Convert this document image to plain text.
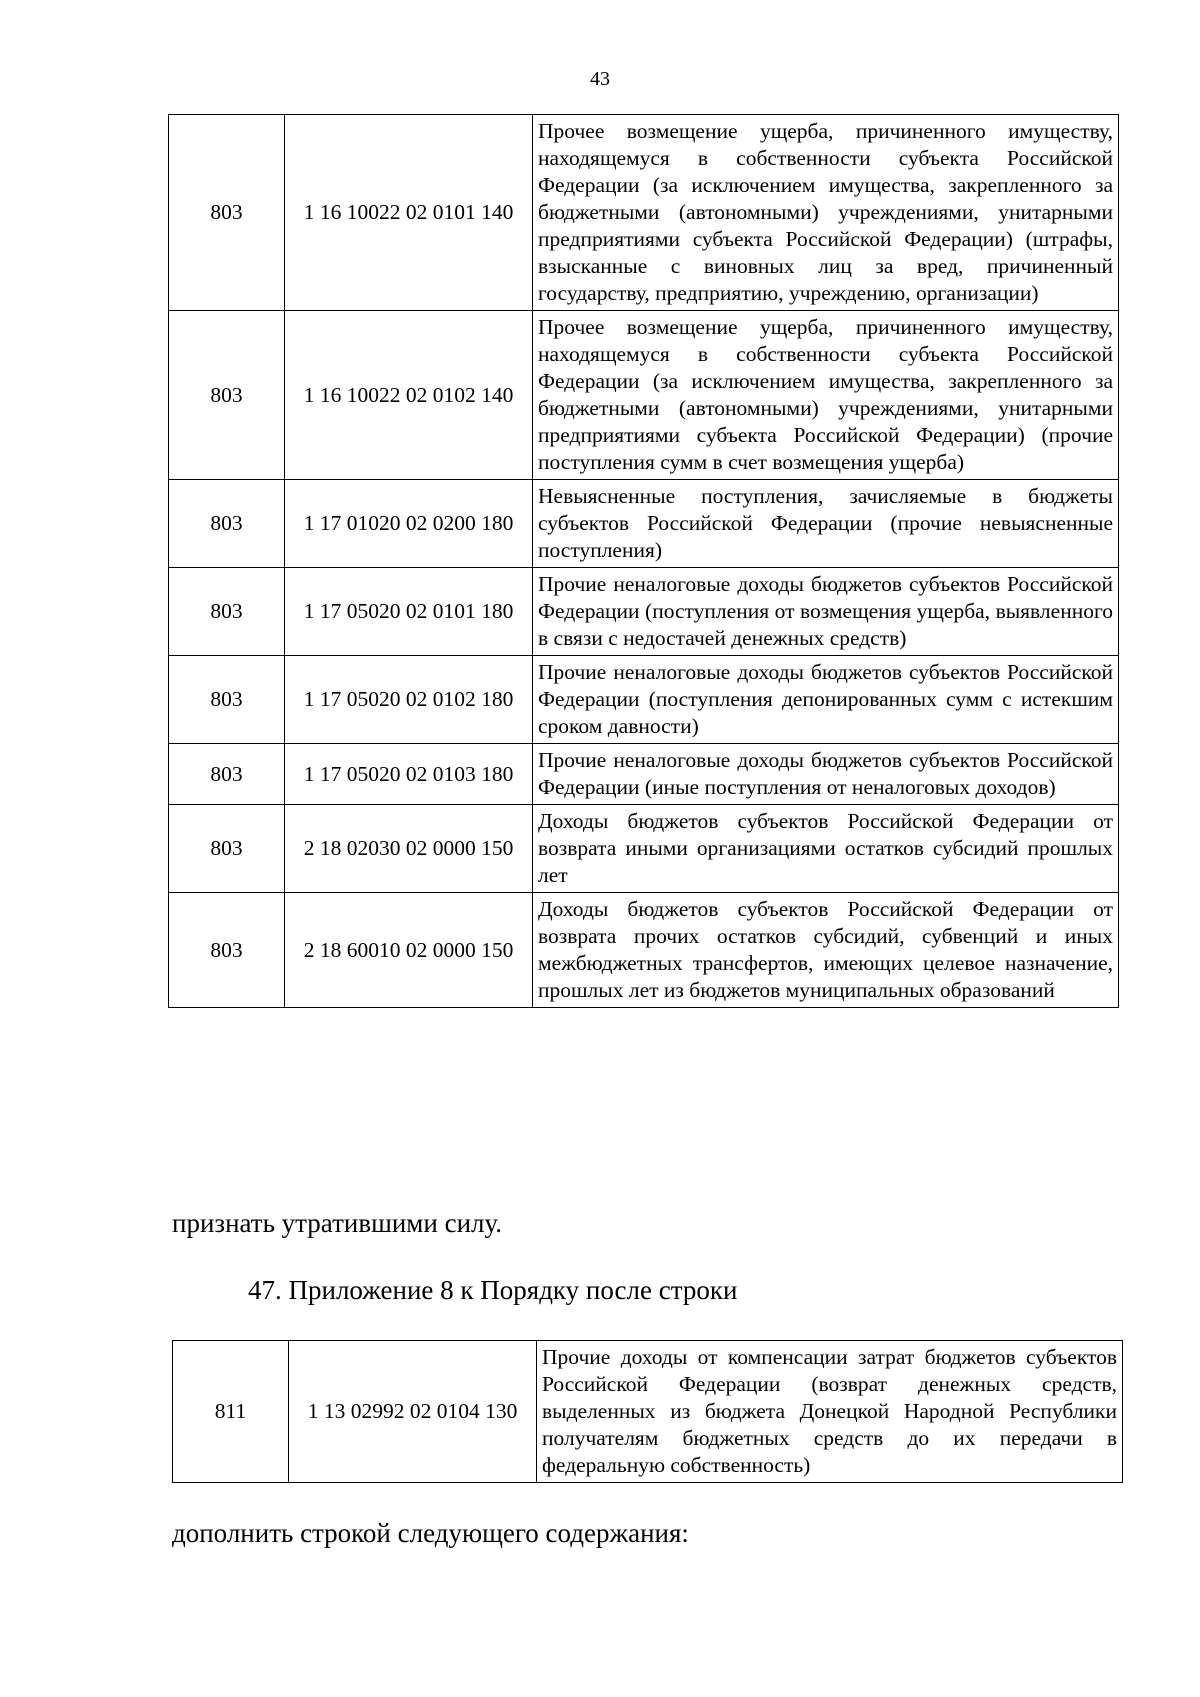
43
803	1 16 10022 02 0101 140	Прочее возмещение ущерба, причиненного имуществу, находящемуся в собственности субъекта Российской Федерации (за исключением имущества, закрепленного за бюджетными (автономными) учреждениями, унитарными предприятиями субъекта Российской Федерации) (штрафы, взысканные с виновных лиц за вред, причиненный государству, предприятию, учреждению, организации)
803	1 16 10022 02 0102 140	Прочее возмещение ущерба, причиненного имуществу, находящемуся в собственности субъекта Российской Федерации (за исключением имущества, закрепленного за бюджетными (автономными) учреждениями, унитарными предприятиями субъекта Российской Федерации) (прочие поступления сумм в счет возмещения ущерба)
803	1 17 01020 02 0200 180	Невыясненные поступления, зачисляемые в бюджеты субъектов Российской Федерации (прочие невыясненные поступления)
803	1 17 05020 02 0101 180	Прочие неналоговые доходы бюджетов субъектов Российской Федерации (поступления от возмещения ущерба, выявленного в связи с недостачей денежных средств)
803	1 17 05020 02 0102 180	Прочие неналоговые доходы бюджетов субъектов Российской Федерации (поступления депонированных сумм с истекшим сроком давности)
803	1 17 05020 02 0103 180	Прочие неналоговые доходы бюджетов субъектов Российской Федерации (иные поступления от неналоговых доходов)
803	2 18 02030 02 0000 150	Доходы бюджетов субъектов Российской Федерации от возврата иными организациями остатков субсидий прошлых лет
803	2 18 60010 02 0000 150	Доходы бюджетов субъектов Российской Федерации от возврата прочих остатков субсидий, субвенций и иных межбюджетных трансфертов, имеющих целевое назначение, прошлых лет из бюджетов муниципальных образований
признать утратившими силу.
47. Приложение 8 к Порядку после строки
811	1 13 02992 02 0104 130	Прочие доходы от компенсации затрат бюджетов субъектов Российской Федерации (возврат денежных средств, выделенных из бюджета Донецкой Народной Республики получателям бюджетных средств до их передачи в федеральную собственность)
дополнить строкой следующего содержания:
